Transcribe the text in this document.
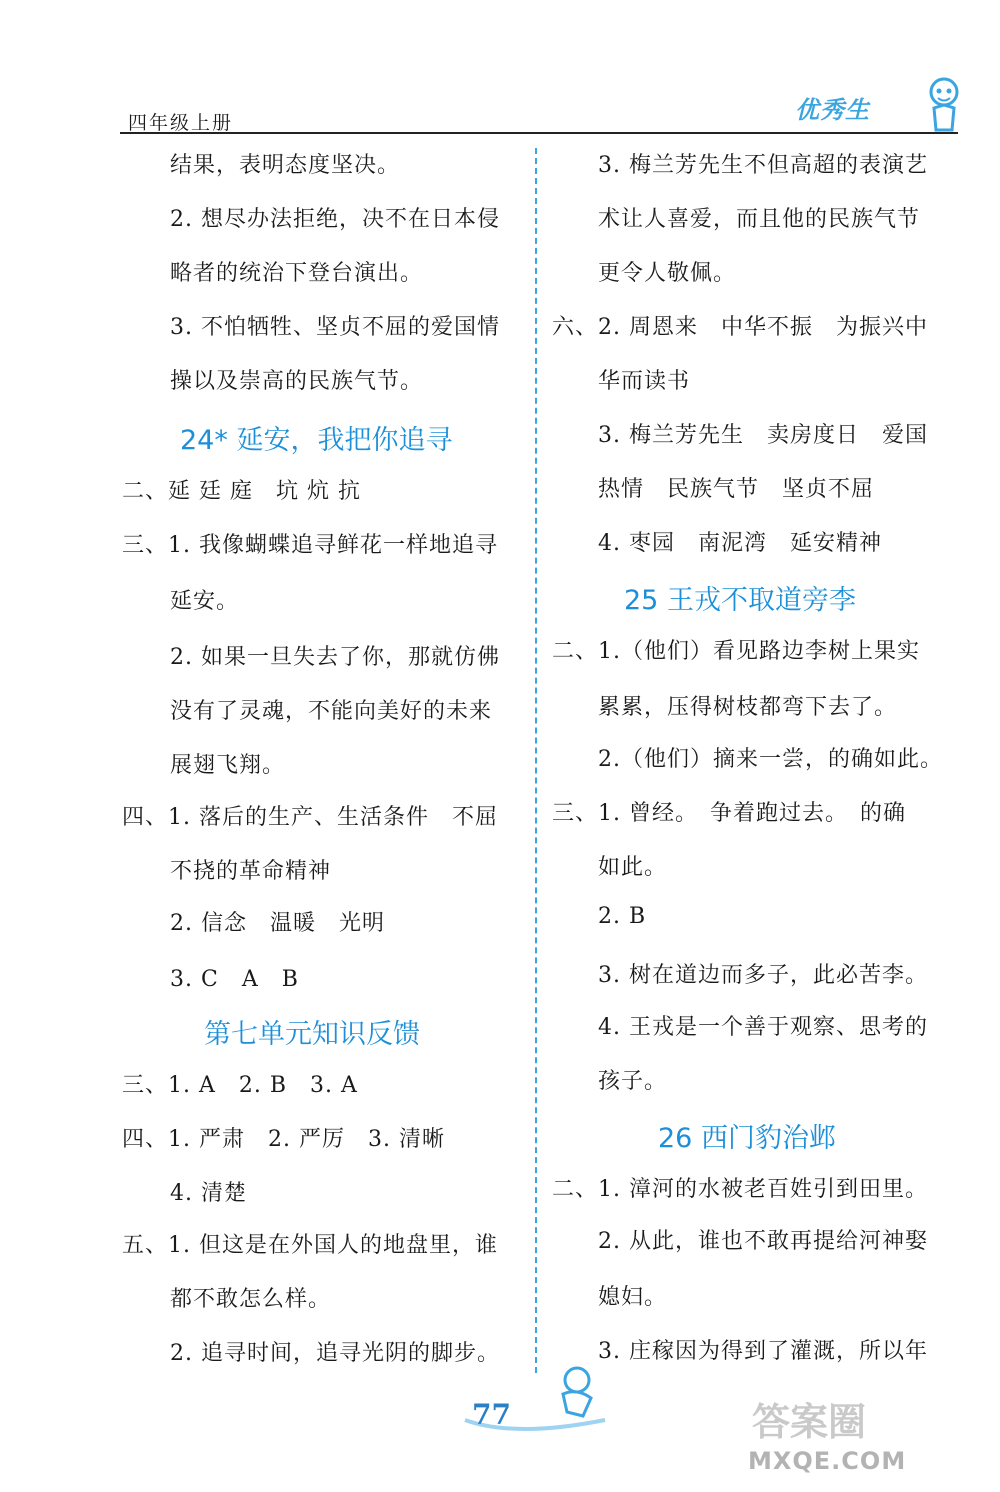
四年级上册	优秀生
结果，表明态度坚决。
2. 想尽办法拒绝，决不在日本侵
略者的统治下登台演出。
3. 不怕牺牲、坚贞不屈的爱国情
操以及崇高的民族气节。
24* 延安，我把你追寻
二、延 廷 庭　坑 炕 抗
三、1. 我像蝴蝶追寻鲜花一样地追寻
延安。
2. 如果一旦失去了你，那就仿佛
没有了灵魂，不能向美好的未来
展翅飞翔。
四、1. 落后的生产、生活条件　不屈
不挠的革命精神
2. 信念　温暖　光明
3. C　A　B
第七单元知识反馈
三、1. A　2. B　3. A
四、1. 严肃　2. 严厉　3. 清晰
4. 清楚
五、1. 但这是在外国人的地盘里，谁
都不敢怎么样。
2. 追寻时间，追寻光阴的脚步。
3. 梅兰芳先生不但高超的表演艺
术让人喜爱，而且他的民族气节
更令人敬佩。
六、2. 周恩来　中华不振　为振兴中
华而读书
3. 梅兰芳先生　卖房度日　爱国
热情　民族气节　坚贞不屈
4. 枣园　南泥湾　延安精神
25 王戎不取道旁李
二、1.（他们）看见路边李树上果实
累累，压得树枝都弯下去了。
2.（他们）摘来一尝，的确如此。
三、1. 曾经。　争着跑过去。　的确
如此。
2. B
3. 树在道边而多子，此必苦李。
4. 王戎是一个善于观察、思考的
孩子。
26 西门豹治邺
二、1. 漳河的水被老百姓引到田里。
2. 从此，谁也不敢再提给河神娶
媳妇。
3. 庄稼因为得到了灌溉，所以年
77	答案圈
MXQE.COM
